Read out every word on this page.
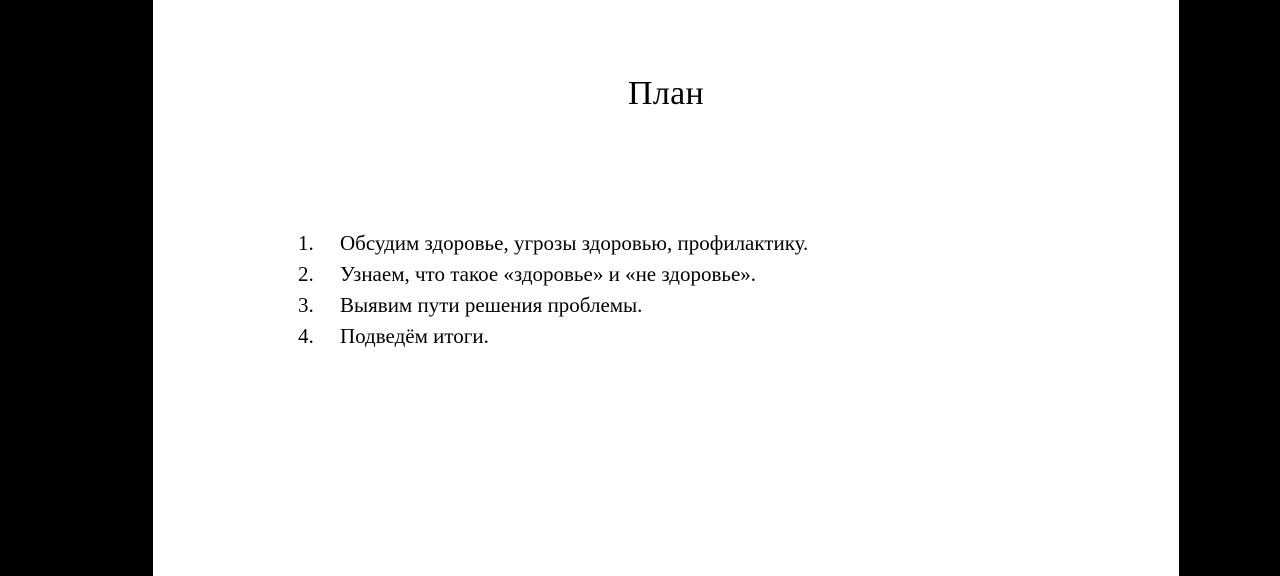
План
Обсудим здоровье, угрозы здоровью, профилактику.
Узнаем, что такое «здоровье» и «не здоровье».
Выявим пути решения проблемы.
Подведём итоги.
